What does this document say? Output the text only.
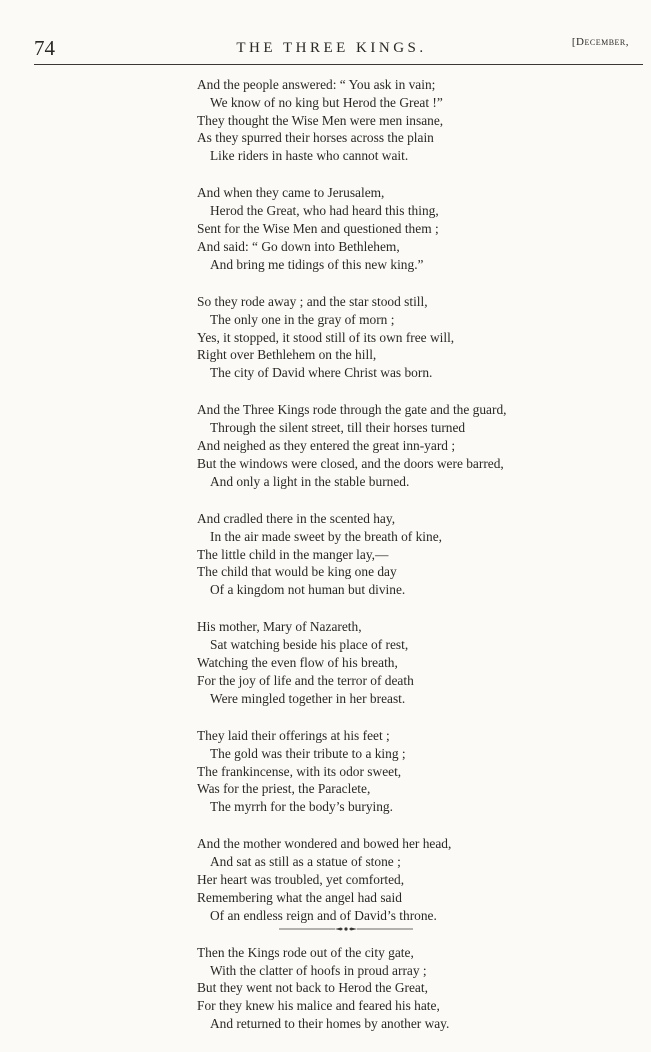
74	THE THREE KINGS.	[December,
And the people answered: “ You ask in vain;
We know of no king but Herod the Great !”
They thought the Wise Men were men insane,
As they spurred their horses across the plain
Like riders in haste who cannot wait.
And when they came to Jerusalem,
Herod the Great, who had heard this thing,
Sent for the Wise Men and questioned them ;
And said: “ Go down into Bethlehem,
And bring me tidings of this new king.”
So they rode away ; and the star stood still,
The only one in the gray of morn ;
Yes, it stopped, it stood still of its own free will,
Right over Bethlehem on the hill,
The city of David where Christ was born.
And the Three Kings rode through the gate and the guard,
Through the silent street, till their horses turned
And neighed as they entered the great inn-yard ;
But the windows were closed, and the doors were barred,
And only a light in the stable burned.
And cradled there in the scented hay,
In the air made sweet by the breath of kine,
The little child in the manger lay,—
The child that would be king one day
Of a kingdom not human but divine.
His mother, Mary of Nazareth,
Sat watching beside his place of rest,
Watching the even flow of his breath,
For the joy of life and the terror of death
Were mingled together in her breast.
They laid their offerings at his feet ;
The gold was their tribute to a king ;
The frankincense, with its odor sweet,
Was for the priest, the Paraclete,
The myrrh for the body’s burying.
And the mother wondered and bowed her head,
And sat as still as a statue of stone ;
Her heart was troubled, yet comforted,
Remembering what the angel had said
Of an endless reign and of David’s throne.
Then the Kings rode out of the city gate,
With the clatter of hoofs in proud array ;
But they went not back to Herod the Great,
For they knew his malice and feared his hate,
And returned to their homes by another way.
